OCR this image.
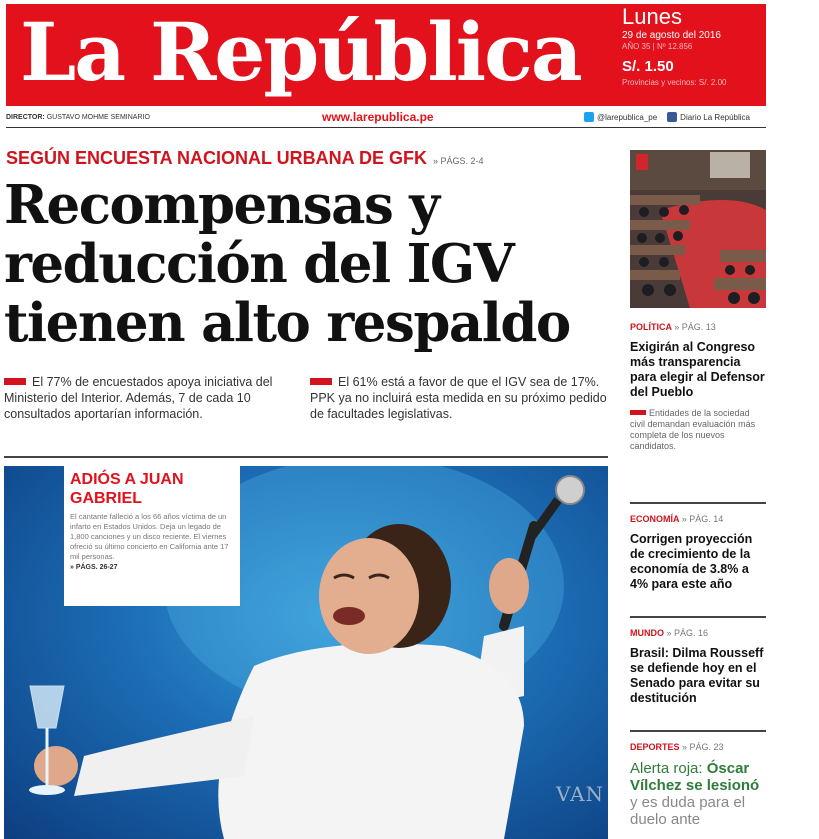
La República Lunes
29 de agosto del 2016
AÑO 35 | Nº 12.856
S/. 1.50
Provincias y vecinos: S/. 2.00
DIRECTOR: GUSTAVO MOHME SEMINARIO	www.larepublica.pe	@larepublica_pe	Diario La República
SEGÚN ENCUESTA NACIONAL URBANA DE GFK » PÁGS. 2-4
Recompensas y reducción del IGV tienen alto respaldo

El 77% de encuestados apoya iniciativa del Ministerio del Interior. Además, 7 de cada 10 consultados aportarían información.

El 61% está a favor de que el IGV sea de 17%. PPK ya no incluirá esta medida en su próximo pedido de facultades legislativas.

ADIÓS A JUAN GABRIEL
El cantante falleció a los 66 años víctima de un infarto en Estados Unidos. Deja un legado de 1,800 canciones y un disco reciente. El viernes ofreció su último concierto en California ante 17 mil personas.
» PÁGS. 26-27
VAN
POLÍTICA » PÁG. 13
Exigirán al Congreso más transparencia para elegir al Defensor del Pueblo
Entidades de la sociedad civil demandan evaluación más completa de los nuevos candidatos.
ECONOMÍA » PÁG. 14
Corrigen proyección de crecimiento de la economía de 3.8% a 4% para este año
MUNDO » PÁG. 16
Brasil: Dilma Rousseff se defiende hoy en el Senado para evitar su destitución
DEPORTES » PÁG. 23
Alerta roja: Óscar Vílchez se lesionó y es duda para el duelo ante
